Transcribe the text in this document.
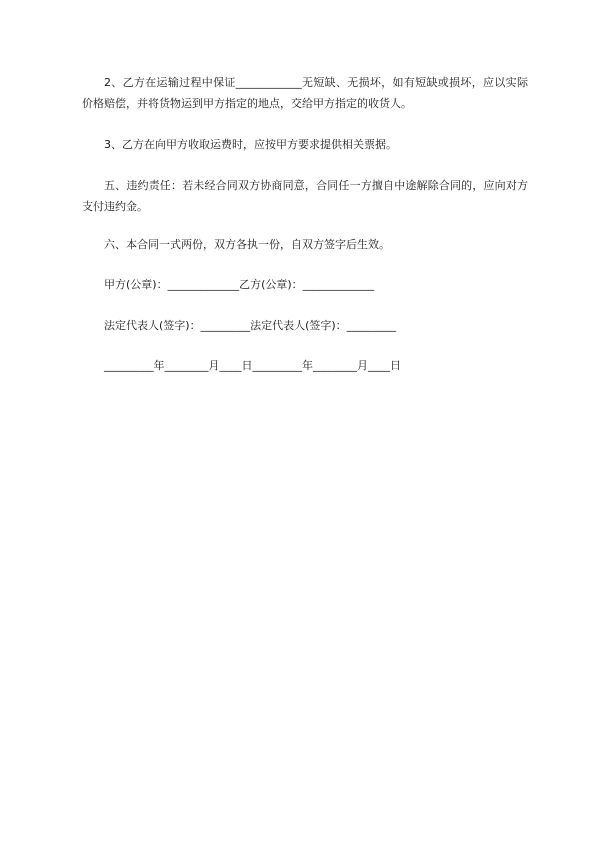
2、乙方在运输过程中保证____________无短缺、无损坏，如有短缺或损坏，应以实际价格赔偿，并将货物运到甲方指定的地点，交给甲方指定的收货人。

3、乙方在向甲方收取运费时，应按甲方要求提供相关票据。

五、违约责任：若未经合同双方协商同意，合同任一方擅自中途解除合同的，应向对方支付违约金。

六、本合同一式两份，双方各执一份，自双方签字后生效。

甲方(公章)：_____________乙方(公章)：_____________

法定代表人(签字)：_________法定代表人(签字)：_________

_________年________月____日_________年________月____日
